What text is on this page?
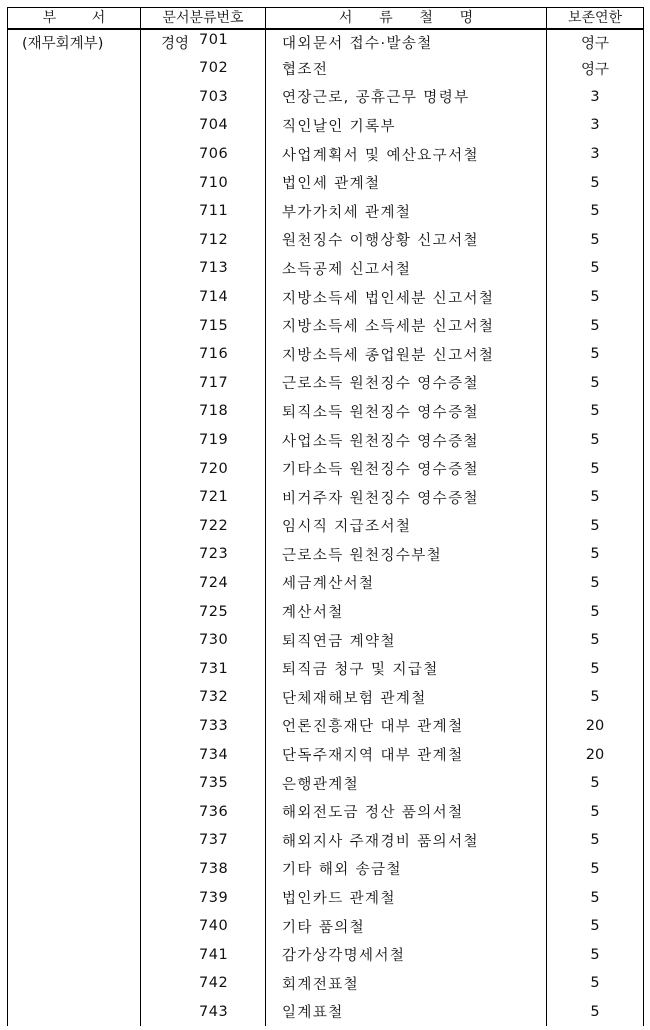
부        서	문서분류번호	서      류      철      명	보존연한
(재무회계부)	경영 701	대외문서 접수·발송철	영구

	702	협조전	영구

	703	연장근로, 공휴근무 명령부	3

	704	직인날인 기록부	3

	706	사업계획서 및 예산요구서철	3

	710	법인세 관계철	5

	711	부가가치세 관계철	5

	712	원천징수 이행상황 신고서철	5

	713	소득공제 신고서철	5

	714	지방소득세 법인세분 신고서철	5

	715	지방소득세 소득세분 신고서철	5

	716	지방소득세 종업원분 신고서철	5

	717	근로소득 원천징수 영수증철	5

	718	퇴직소득 원천징수 영수증철	5

	719	사업소득 원천징수 영수증철	5

	720	기타소득 원천징수 영수증철	5

	721	비거주자 원천징수 영수증철	5

	722	임시직 지급조서철	5

	723	근로소득 원천징수부철	5

	724	세금계산서철	5

	725	계산서철	5

	730	퇴직연금 계약철	5

	731	퇴직금 청구 및 지급철	5

	732	단체재해보험 관계철	5

	733	언론진흥재단 대부 관계철	20

	734	단독주재지역 대부 관계철	20

	735	은행관계철	5

	736	해외전도금 정산 품의서철	5

	737	해외지사 주재경비 품의서철	5

	738	기타 해외 송금철	5

	739	법인카드 관계철	5

	740	기타 품의철	5

	741	감가상각명세서철	5

	742	회계전표철	5

	743	일계표철	5
